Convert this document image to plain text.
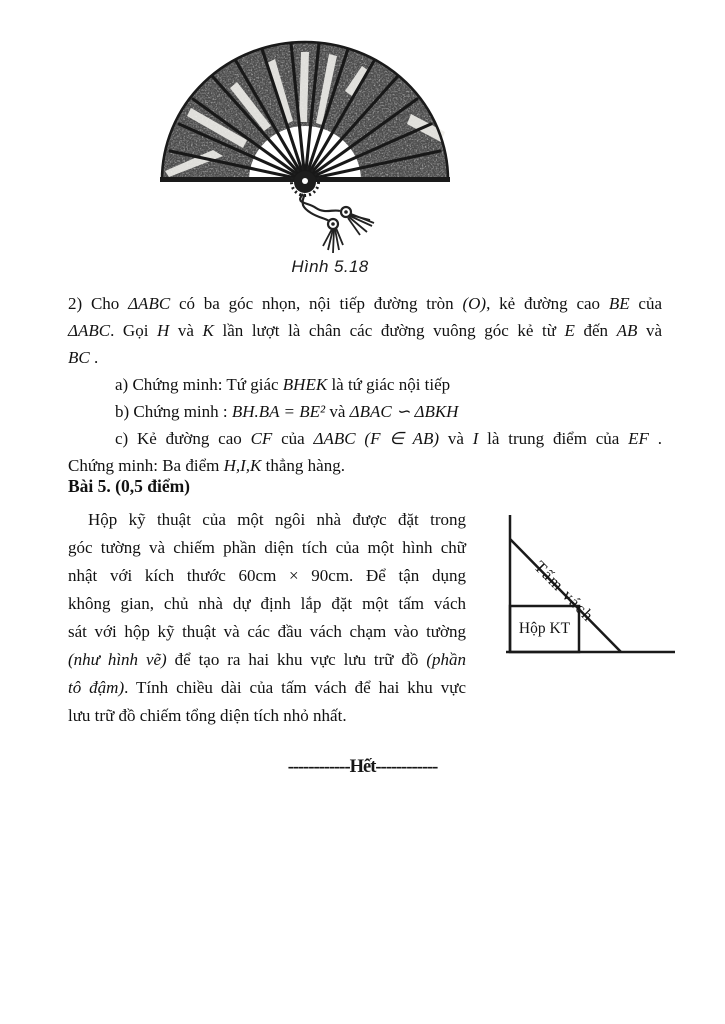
Hình 5.18
2) Cho ΔABC có ba góc nhọn, nội tiếp đường tròn (O), kẻ đường cao BE của
ΔABC. Gọi H và K lần lượt là chân các đường vuông góc kẻ từ E đến AB và
BC .
a) Chứng minh: Tứ giác BHEK là tứ giác nội tiếp
b) Chứng minh : BH.BA = BE² và ΔBAC ∽ ΔBKH
c) Kẻ đường cao CF của ΔABC (F ∈ AB) và I là trung điểm của EF .
Chứng minh: Ba điểm H,I,K thẳng hàng.
Bài 5. (0,5 điểm)
Hộp kỹ thuật của một ngôi nhà được đặt trong
góc tường và chiếm phần diện tích của một hình chữ
nhật với kích thước 60cm × 90cm. Để tận dụng
không gian, chủ nhà dự định lắp đặt một tấm vách
sát với hộp kỹ thuật và các đầu vách chạm vào tường
(như hình vẽ) để tạo ra hai khu vực lưu trữ đồ (phần
tô đậm). Tính chiều dài của tấm vách để hai khu vực
lưu trữ đồ chiếm tổng diện tích nhỏ nhất.
Tấm vách
Hộp KT
------------Hết------------
